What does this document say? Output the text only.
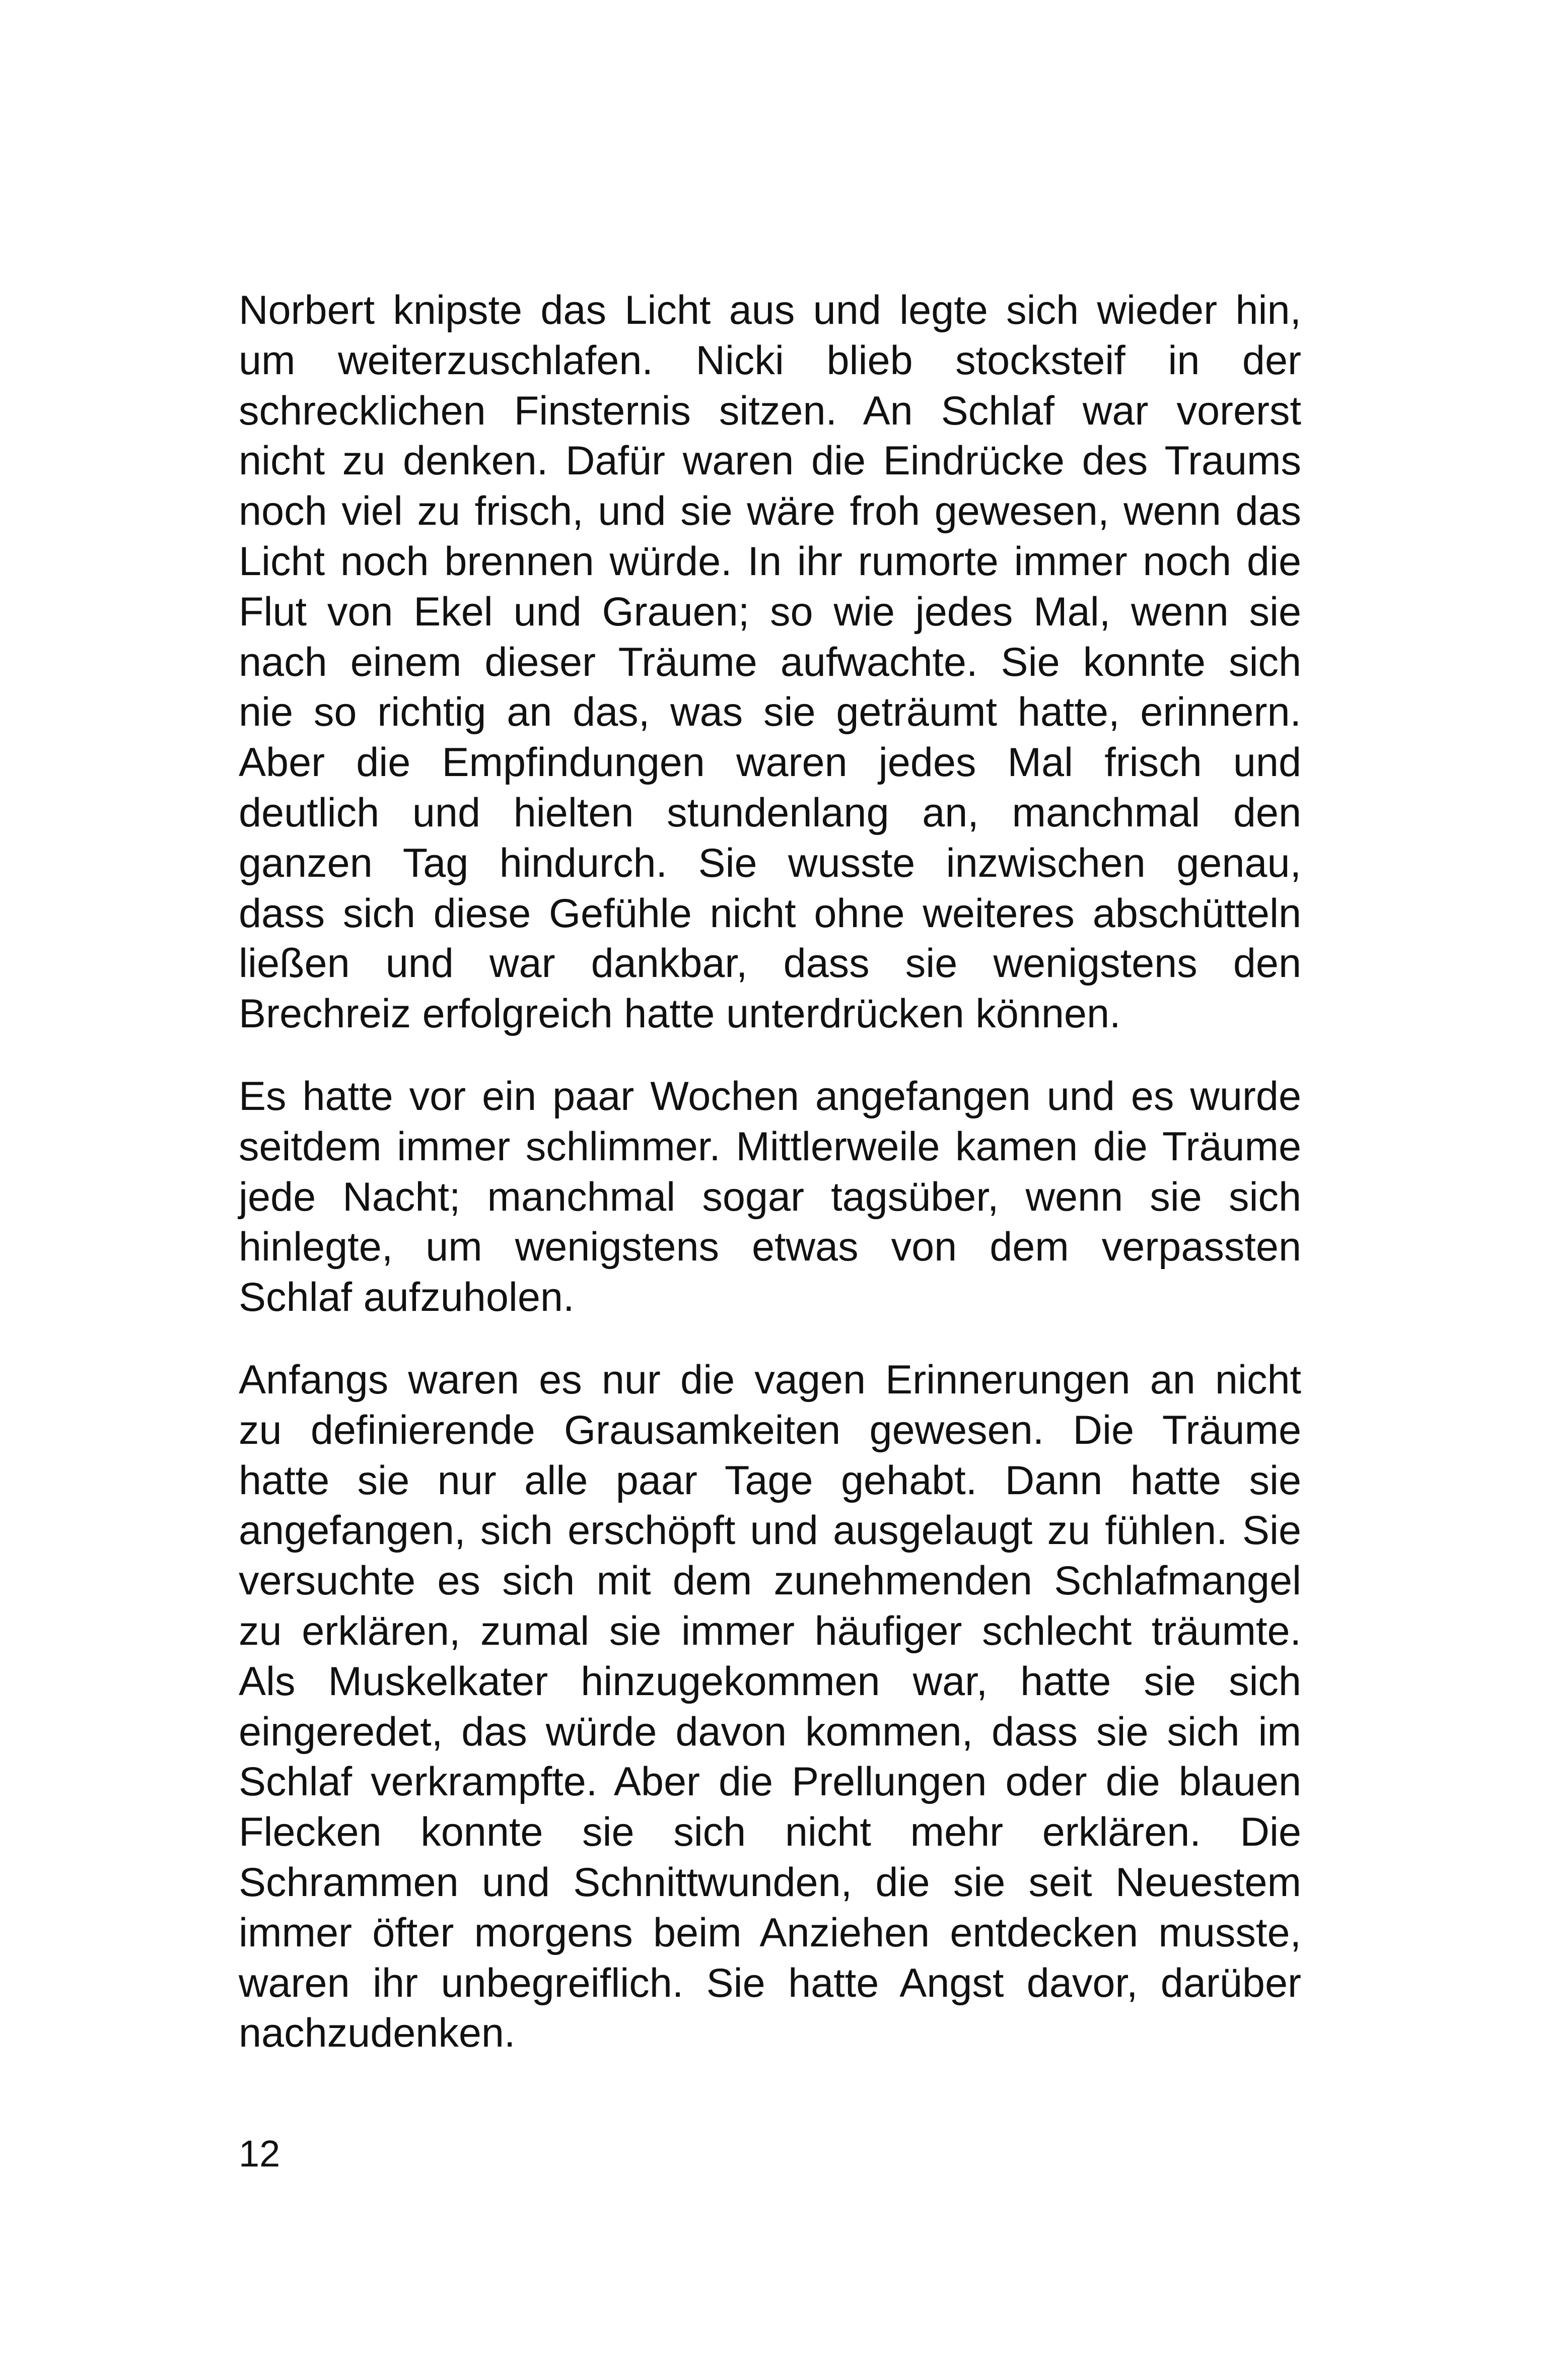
Norbert knipste das Licht aus und legte sich wieder hin,
um weiterzuschlafen. Nicki blieb stocksteif in der
schrecklichen Finsternis sitzen. An Schlaf war vorerst
nicht zu denken. Dafür waren die Eindrücke des Traums
noch viel zu frisch, und sie wäre froh gewesen, wenn das
Licht noch brennen würde. In ihr rumorte immer noch die
Flut von Ekel und Grauen; so wie jedes Mal, wenn sie
nach einem dieser Träume aufwachte. Sie konnte sich
nie so richtig an das, was sie geträumt hatte, erinnern.
Aber die Empfindungen waren jedes Mal frisch und
deutlich und hielten stundenlang an, manchmal den
ganzen Tag hindurch. Sie wusste inzwischen genau,
dass sich diese Gefühle nicht ohne weiteres abschütteln
ließen und war dankbar, dass sie wenigstens den
Brechreiz erfolgreich hatte unterdrücken können.
Es hatte vor ein paar Wochen angefangen und es wurde
seitdem immer schlimmer. Mittlerweile kamen die Träume
jede Nacht; manchmal sogar tagsüber, wenn sie sich
hinlegte, um wenigstens etwas von dem verpassten
Schlaf aufzuholen.
Anfangs waren es nur die vagen Erinnerungen an nicht
zu definierende Grausamkeiten gewesen. Die Träume
hatte sie nur alle paar Tage gehabt. Dann hatte sie
angefangen, sich erschöpft und ausgelaugt zu fühlen. Sie
versuchte es sich mit dem zunehmenden Schlafmangel
zu erklären, zumal sie immer häufiger schlecht träumte.
Als Muskelkater hinzugekommen war, hatte sie sich
eingeredet, das würde davon kommen, dass sie sich im
Schlaf verkrampfte. Aber die Prellungen oder die blauen
Flecken konnte sie sich nicht mehr erklären. Die
Schrammen und Schnittwunden, die sie seit Neuestem
immer öfter morgens beim Anziehen entdecken musste,
waren ihr unbegreiflich. Sie hatte Angst davor, darüber
nachzudenken.
12
